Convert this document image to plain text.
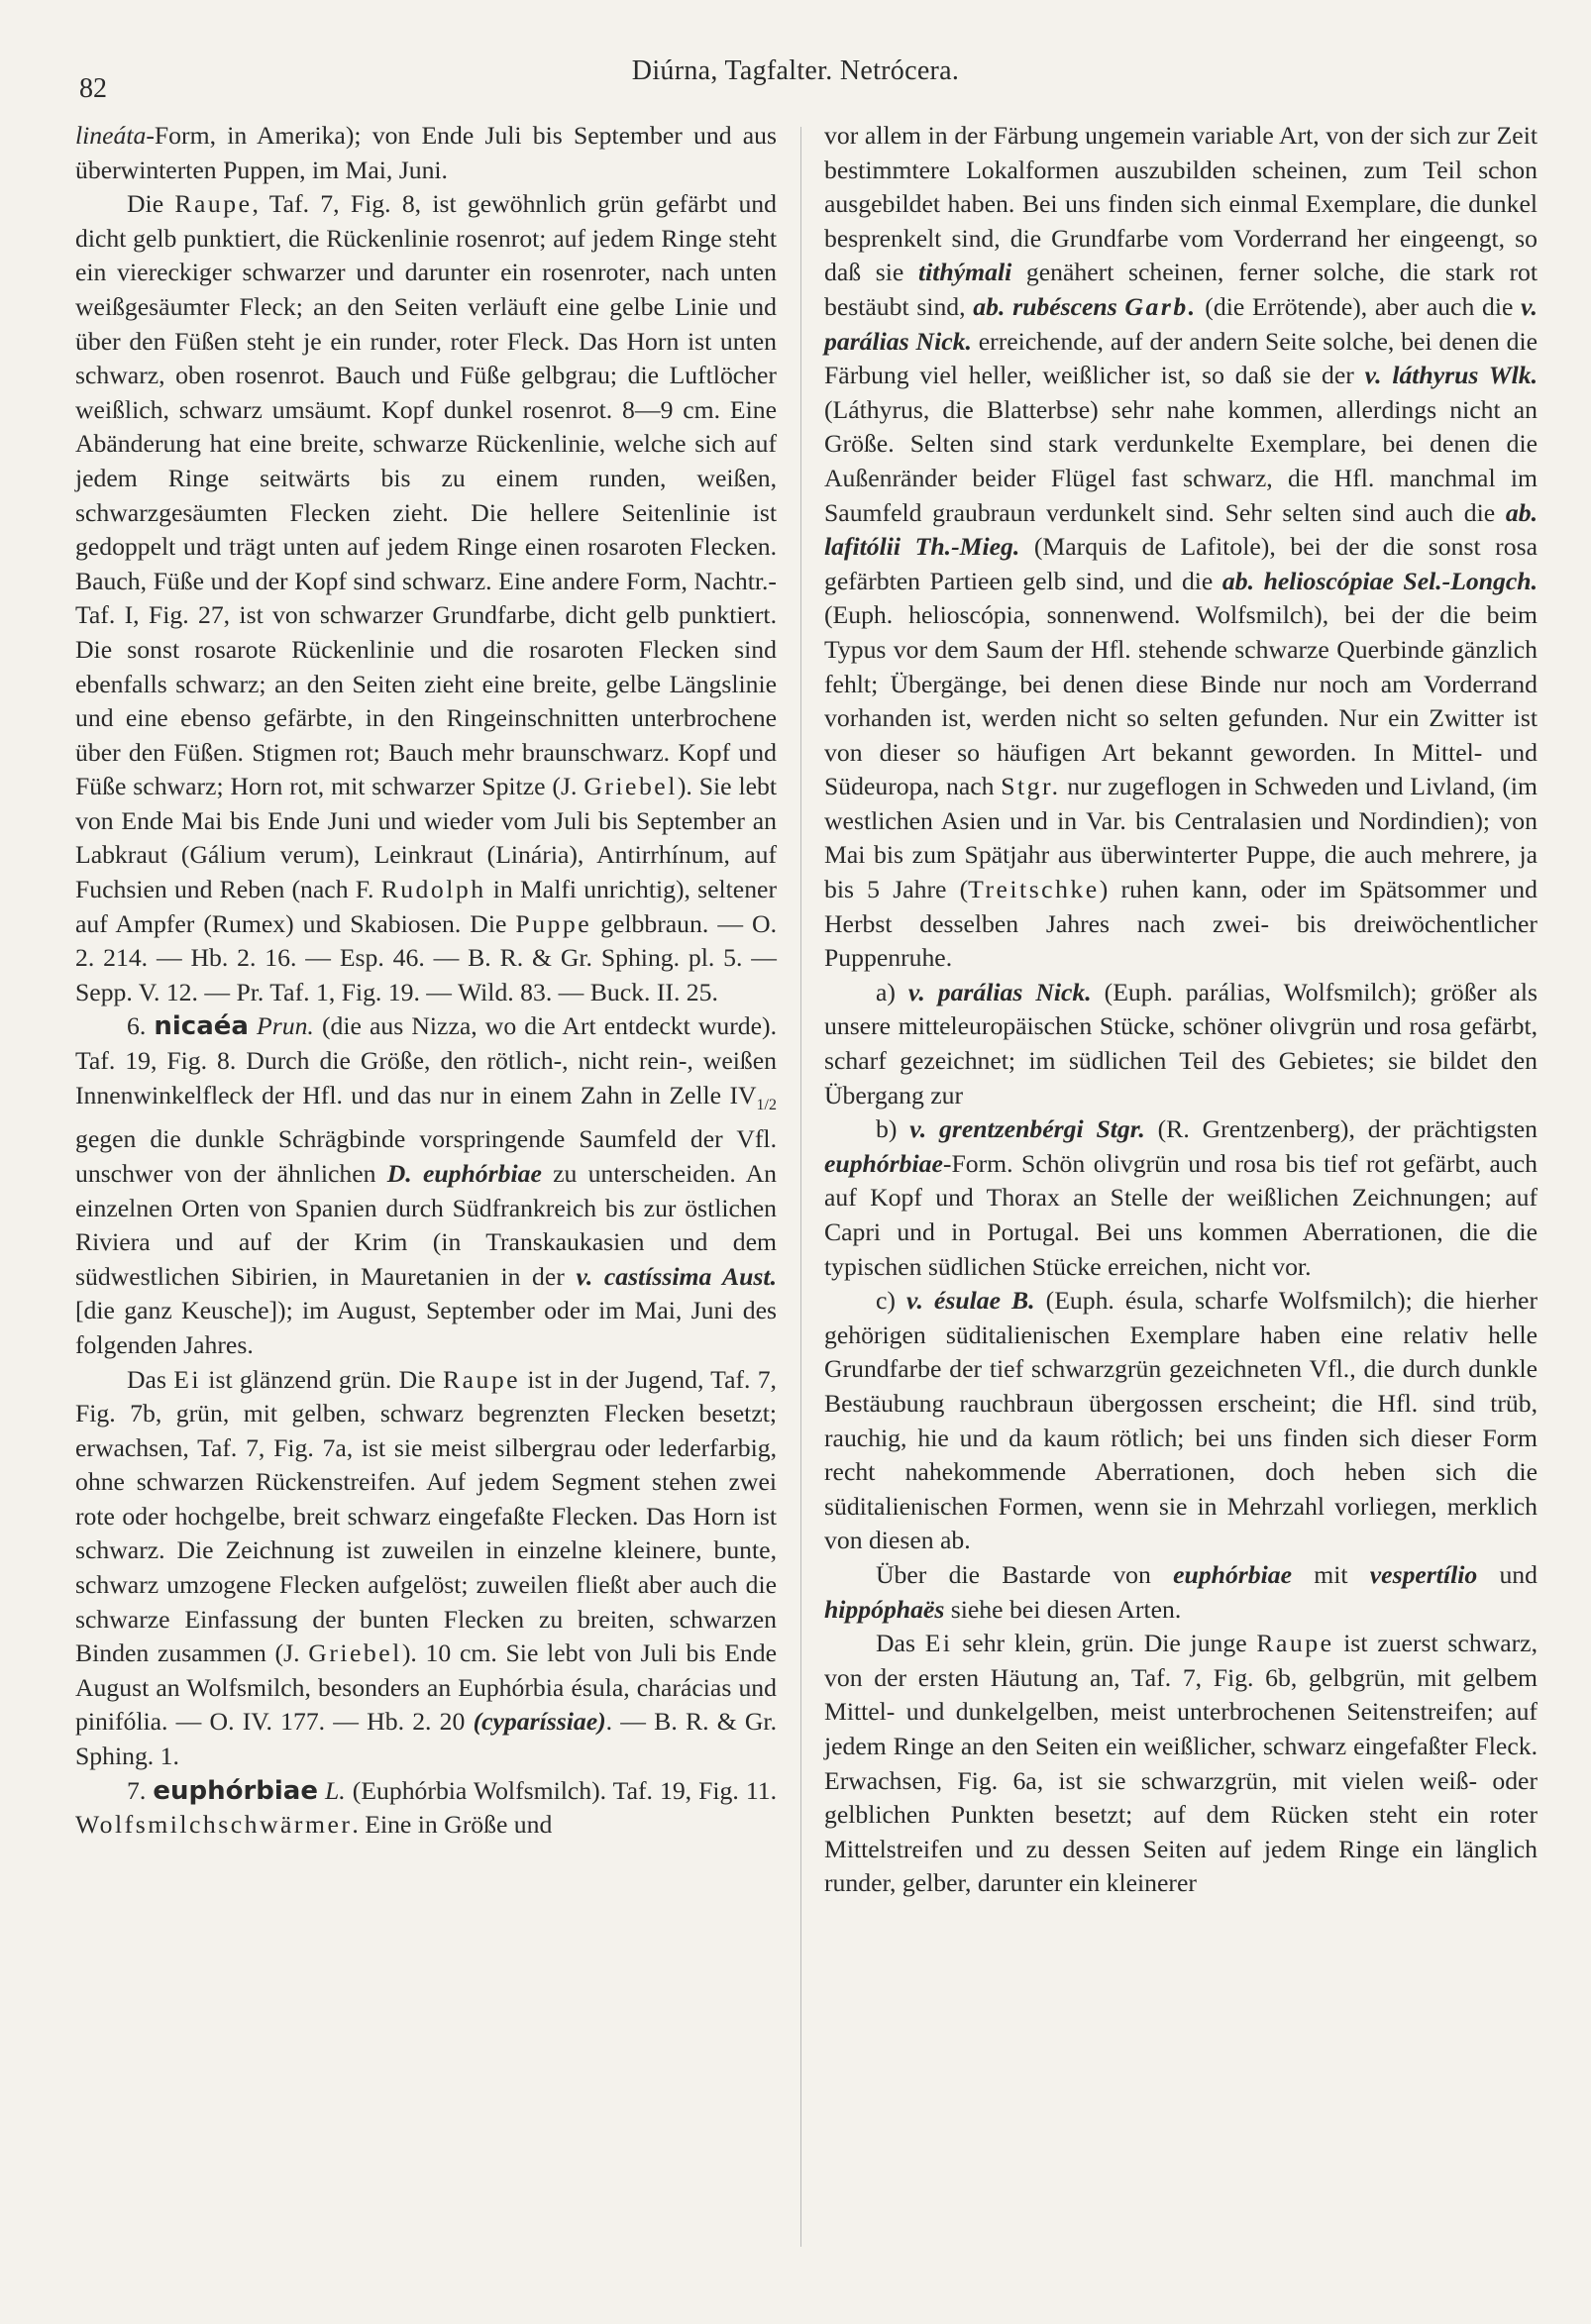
82
Diúrna, Tagfalter. Netrócera.

lineáta-Form, in Amerika); von Ende Juli bis September und aus überwinterten Puppen, im Mai, Juni.

Die Raupe, Taf. 7, Fig. 8, ist gewöhnlich grün gefärbt und dicht gelb punktiert, die Rückenlinie rosenrot; auf jedem Ringe steht ein viereckiger schwarzer und darunter ein rosenroter, nach unten weißgesäumter Fleck; an den Seiten verläuft eine gelbe Linie und über den Füßen steht je ein runder, roter Fleck. Das Horn ist unten schwarz, oben rosenrot. Bauch und Füße gelbgrau; die Luftlöcher weißlich, schwarz umsäumt. Kopf dunkel rosenrot. 8—9 cm. Eine Abänderung hat eine breite, schwarze Rückenlinie, welche sich auf jedem Ringe seitwärts bis zu einem runden, weißen, schwarzgesäumten Flecken zieht. Die hellere Seitenlinie ist gedoppelt und trägt unten auf jedem Ringe einen rosaroten Flecken. Bauch, Füße und der Kopf sind schwarz. Eine andere Form, Nachtr.-Taf. I, Fig. 27, ist von schwarzer Grundfarbe, dicht gelb punktiert. Die sonst rosarote Rückenlinie und die rosaroten Flecken sind ebenfalls schwarz; an den Seiten zieht eine breite, gelbe Längslinie und eine ebenso gefärbte, in den Ringeinschnitten unterbrochene über den Füßen. Stigmen rot; Bauch mehr braunschwarz. Kopf und Füße schwarz; Horn rot, mit schwarzer Spitze (J. Griebel). Sie lebt von Ende Mai bis Ende Juni und wieder vom Juli bis September an Labkraut (Gálium verum), Leinkraut (Linária), Antirrhínum, auf Fuchsien und Reben (nach F. Rudolph in Malfi unrichtig), seltener auf Ampfer (Rumex) und Skabiosen. Die Puppe gelbbraun. — O. 2. 214. — Hb. 2. 16. — Esp. 46. — B. R. & Gr. Sphing. pl. 5. — Sepp. V. 12. — Pr. Taf. 1, Fig. 19. — Wild. 83. — Buck. II. 25.

6. nicaéa Prun. (die aus Nizza, wo die Art entdeckt wurde). Taf. 19, Fig. 8. Durch die Größe, den rötlich-, nicht rein-, weißen Innenwinkelfleck der Hfl. und das nur in einem Zahn in Zelle $IV_{1/2}$ gegen die dunkle Schrägbinde vorspringende Saumfeld der Vfl. unschwer von der ähnlichen D. euphórbiae zu unterscheiden. An einzelnen Orten von Spanien durch Südfrankreich bis zur östlichen Riviera und auf der Krim (in Transkaukasien und dem südwestlichen Sibirien, in Mauretanien in der v. castíssima Aust. [die ganz Keusche]); im August, September oder im Mai, Juni des folgenden Jahres.

Das Ei ist glänzend grün. Die Raupe ist in der Jugend, Taf. 7, Fig. 7b, grün, mit gelben, schwarz begrenzten Flecken besetzt; erwachsen, Taf. 7, Fig. 7a, ist sie meist silbergrau oder lederfarbig, ohne schwarzen Rückenstreifen. Auf jedem Segment stehen zwei rote oder hochgelbe, breit schwarz eingefaßte Flecken. Das Horn ist schwarz. Die Zeichnung ist zuweilen in einzelne kleinere, bunte, schwarz umzogene Flecken aufgelöst; zuweilen fließt aber auch die schwarze Einfassung der bunten Flecken zu breiten, schwarzen Binden zusammen (J. Griebel). 10 cm. Sie lebt von Juli bis Ende August an Wolfsmilch, besonders an Euphórbia ésula, charácias und pinifólia. — O. IV. 177. — Hb. 2. 20 (cyparíssiae). — B. R. & Gr. Sphing. 1.

7. euphórbiae L. (Euphórbia Wolfsmilch). Taf. 19, Fig. 11. Wolfsmilchschwärmer. Eine in Größe und

vor allem in der Färbung ungemein variable Art, von der sich zur Zeit bestimmtere Lokalformen auszubilden scheinen, zum Teil schon ausgebildet haben. Bei uns finden sich einmal Exemplare, die dunkel besprenkelt sind, die Grundfarbe vom Vorderrand her eingeengt, so daß sie tithýmali genähert scheinen, ferner solche, die stark rot bestäubt sind, ab. rubéscens Garb. (die Errötende), aber auch die v. parálias Nick. erreichende, auf der andern Seite solche, bei denen die Färbung viel heller, weißlicher ist, so daß sie der v. láthyrus Wlk. (Láthyrus, die Blatterbse) sehr nahe kommen, allerdings nicht an Größe. Selten sind stark verdunkelte Exemplare, bei denen die Außenränder beider Flügel fast schwarz, die Hfl. manchmal im Saumfeld graubraun verdunkelt sind. Sehr selten sind auch die ab. lafitólii Th.-Mieg. (Marquis de Lafitole), bei der die sonst rosa gefärbten Partieen gelb sind, und die ab. helioscópiae Sel.-Longch. (Euph. helioscópia, sonnenwend. Wolfsmilch), bei der die beim Typus vor dem Saum der Hfl. stehende schwarze Querbinde gänzlich fehlt; Übergänge, bei denen diese Binde nur noch am Vorderrand vorhanden ist, werden nicht so selten gefunden. Nur ein Zwitter ist von dieser so häufigen Art bekannt geworden. In Mittel- und Südeuropa, nach Stgr. nur zugeflogen in Schweden und Livland, (im westlichen Asien und in Var. bis Centralasien und Nordindien); von Mai bis zum Spätjahr aus überwinterter Puppe, die auch mehrere, ja bis 5 Jahre (Treitschke) ruhen kann, oder im Spätsommer und Herbst desselben Jahres nach zwei- bis dreiwöchentlicher Puppenruhe.

a) v. parálias Nick. (Euph. parálias, Wolfsmilch); größer als unsere mitteleuropäischen Stücke, schöner olivgrün und rosa gefärbt, scharf gezeichnet; im südlichen Teil des Gebietes; sie bildet den Übergang zur

b) v. grentzenbérgi Stgr. (R. Grentzenberg), der prächtigsten euphórbiae-Form. Schön olivgrün und rosa bis tief rot gefärbt, auch auf Kopf und Thorax an Stelle der weißlichen Zeichnungen; auf Capri und in Portugal. Bei uns kommen Aberrationen, die die typischen südlichen Stücke erreichen, nicht vor.

c) v. ésulae B. (Euph. ésula, scharfe Wolfsmilch); die hierher gehörigen süditalienischen Exemplare haben eine relativ helle Grundfarbe der tief schwarzgrün gezeichneten Vfl., die durch dunkle Bestäubung rauchbraun übergossen erscheint; die Hfl. sind trüb, rauchig, hie und da kaum rötlich; bei uns finden sich dieser Form recht nahekommende Aberrationen, doch heben sich die süditalienischen Formen, wenn sie in Mehrzahl vorliegen, merklich von diesen ab.

Über die Bastarde von euphórbiae mit vespertílio und hippóphaës siehe bei diesen Arten.

Das Ei sehr klein, grün. Die junge Raupe ist zuerst schwarz, von der ersten Häutung an, Taf. 7, Fig. 6b, gelbgrün, mit gelbem Mittel- und dunkelgelben, meist unterbrochenen Seitenstreifen; auf jedem Ringe an den Seiten ein weißlicher, schwarz eingefaßter Fleck. Erwachsen, Fig. 6a, ist sie schwarzgrün, mit vielen weiß- oder gelblichen Punkten besetzt; auf dem Rücken steht ein roter Mittelstreifen und zu dessen Seiten auf jedem Ringe ein länglich runder, gelber, darunter ein kleinerer
